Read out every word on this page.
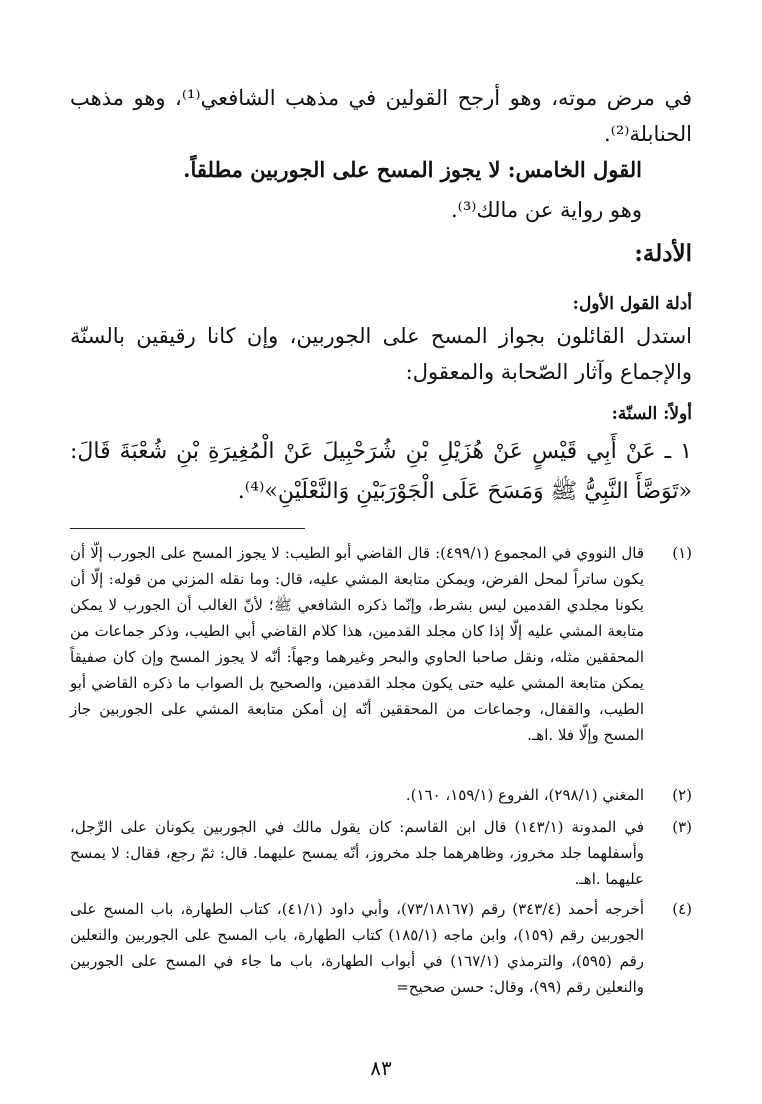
في مرض موته، وهو أرجح القولين في مذهب الشافعي⁽¹⁾، وهو مذهب الحنابلة⁽²⁾.
القول الخامس: لا يجوز المسح على الجوربين مطلقاً.
وهو رواية عن مالك⁽³⁾.
الأدلة:
أدلة القول الأول:
استدل القائلون بجواز المسح على الجوربين، وإن كانا رقيقين بالسنّة والإجماع وآثار الصّحابة والمعقول:
أولاً: السنّة:
١ ـ عَنْ أَبِي قَيْسٍ عَنْ هُزَيْلِ بْنِ شُرَحْبِيلَ عَنْ الْمُغِيرَةِ بْنِ شُعْبَةَ قَالَ: «تَوَضَّأَ النَّبِيُّ ﷺ وَمَسَحَ عَلَى الْجَوْرَبَيْنِ وَالنَّعْلَيْنِ»⁽⁴⁾.
(١)
قال النووي في المجموع (٤٩٩/١): قال القاضي أبو الطيب: لا يجوز المسح على الجورب إلّا أن يكون ساتراً لمحل الفرض، ويمكن متابعة المشي عليه، قال: وما نقله المزني من قوله: إلّا أن يكونا مجلدي القدمين ليس بشرط، وإنّما ذكره الشافعي ﷺ؛ لأنّ الغالب أن الجورب لا يمكن متابعة المشي عليه إلّا إذا كان مجلد القدمين، هذا كلام القاضي أبي الطيب، وذكر جماعات من المحققين مثله، ونقل صاحبا الحاوي والبحر وغيرهما وجهاً: أنّه لا يجوز المسح وإن كان صفيقاً يمكن متابعة المشي عليه حتى يكون مجلد القدمين، والصحيح بل الصواب ما ذكره القاضي أبو الطيب، والقفال، وجماعات من المحققين أنّه إن أمكن متابعة المشي على الجوربين جاز المسح وإلّا فلا .اهـ.
(٢)
المغني (٢٩٨/١)، الفروع (١٥٩/١، ١٦٠).
(٣)
في المدونة (١٤٣/١) قال ابن القاسم: كان يقول مالك في الجوربين يكونان على الرِّجل، وأسفلهما جلد مخروز، وظاهرهما جلد مخروز، أنّه يمسح عليهما. قال: ثمّ رجع، فقال: لا يمسح عليهما .اهـ.
(٤)
أخرجه أحمد (٣٤٣/٤) رقم (٧٣/١٨١٦٧)، وأبي داود (٤١/١)، كتاب الطهارة، باب المسح على الجوربين رقم (١٥٩)، وابن ماجه (١٨٥/١) كتاب الطهارة، باب المسح على الجوربين والنعلين رقم (٥٩٥)، والترمذي (١٦٧/١) في أبواب الطهارة، باب ما جاء في المسح على الجوربين والنعلين رقم (٩٩)، وقال: حسن صحيح=
٨٣
